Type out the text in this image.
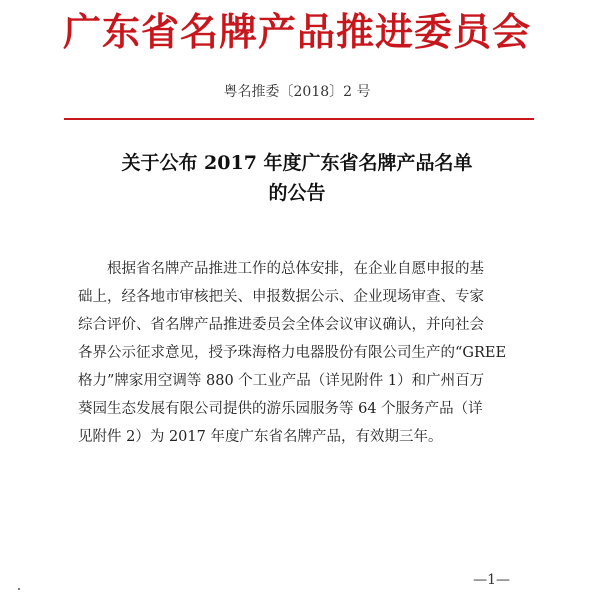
广东省名牌产品推进委员会
粤名推委〔2018〕2 号
关于公布 2017 年度广东省名牌产品名单
的公告
　　根据省名牌产品推进工作的总体安排，在企业自愿申报的基
础上，经各地市审核把关、申报数据公示、企业现场审查、专家
综合评价、省名牌产品推进委员会全体会议审议确认，并向社会
各界公示征求意见，授予珠海格力电器股份有限公司生产的“GREE
格力”牌家用空调等 880 个工业产品（详见附件 1）和广州百万
葵园生态发展有限公司提供的游乐园服务等 64 个服务产品（详
见附件 2）为 2017 年度广东省名牌产品，有效期三年。
—1—
